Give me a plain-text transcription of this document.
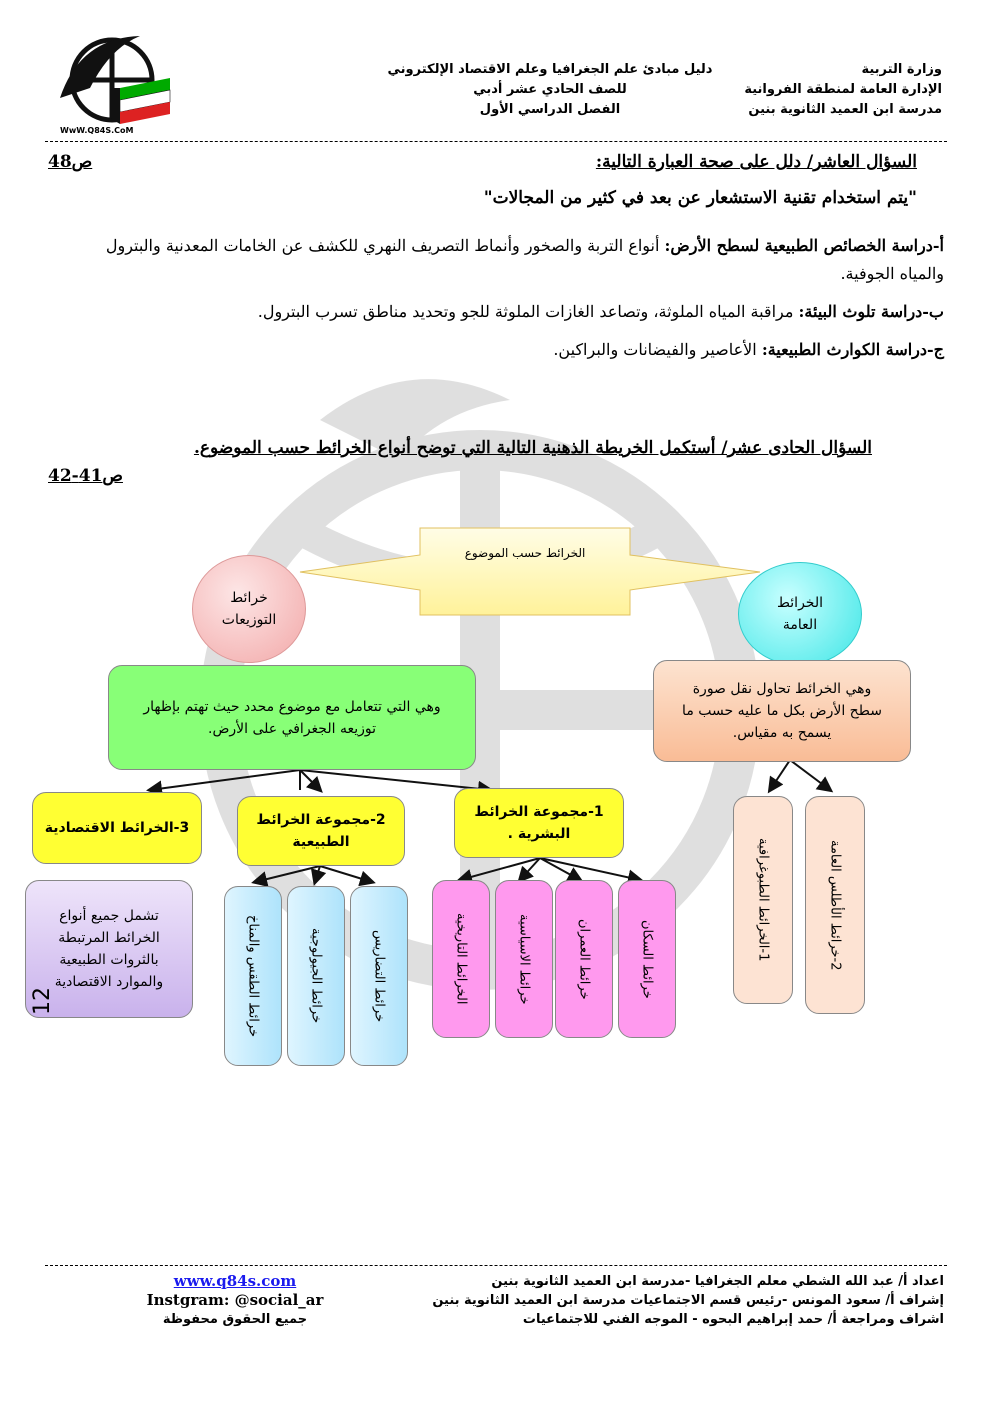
WwW.Q84S.CoM
وزارة التربية
الإدارة العامة لمنطقة الفروانية
مدرسة ابن العميد الثانوية بنين
دليل مبادئ علم الجغرافيا وعلم الاقتصاد الإلكتروني
للصف الحادي عشر أدبي
الفصل الدراسي الأول
السؤال العاشر/ دلل على صحة العبارة التالية:
ص48
"يتم استخدام تقنية الاستشعار عن بعد في كثير من المجالات"
أ-دراسة الخصائص الطبيعية لسطح الأرض: أنواع التربة والصخور وأنماط التصريف النهري للكشف عن الخامات المعدنية والبترول والمياه الجوفية.
ب-دراسة تلوث البيئة: مراقبة المياه الملوثة، وتصاعد الغازات الملوثة للجو وتحديد مناطق تسرب البترول.
ج-دراسة الكوارث الطبيعية: الأعاصير والفيضانات والبراكين.
السؤال الحادى عشر/ أستكمل الخريطة الذهنية التالية التي توضح أنواع الخرائط حسب الموضوع.
ص41-42
الخرائط حسب الموضوع
خرائط التوزيعات
الخرائط العامة
وهي التي تتعامل مع موضوع محدد حيث تهتم بإظهار توزيعه الجغرافي على الأرض.
وهي الخرائط تحاول نقل صورة سطح الأرض بكل ما عليه حسب ما يسمح به مقياس.
1-مجموعة الخرائط البشرية .
2-مجموعة الخرائط الطبيعية
3-الخرائط الاقتصادية
تشمل جميع أنواع الخرائط المرتبطة بالثروات الطبيعية والموارد الاقتصادية
1-الخرائط الطبوغرافية	2-خرائط الأطلس العامة
خرائط السكان
خرائط العمران
خرائط الاسياسية
الخرائط التاريخية
خرائط التضاريس
خرائط الجيولوجية
خرائط الطقس والمناخ
12
اعداد أ/ عبد الله الشطي معلم الجغرافيا -مدرسة ابن العميد الثانوية بنين
إشراف أ/ سعود المونس -رئيس قسم الاجتماعيات مدرسة ابن العميد الثانوية بنين
اشراف ومراجعة أ/ حمد إبراهيم البحوه - الموجه الفني للاجتماعيات
www.q84s.com
Instgram: @social_ar
جميع الحقوق محفوظة
